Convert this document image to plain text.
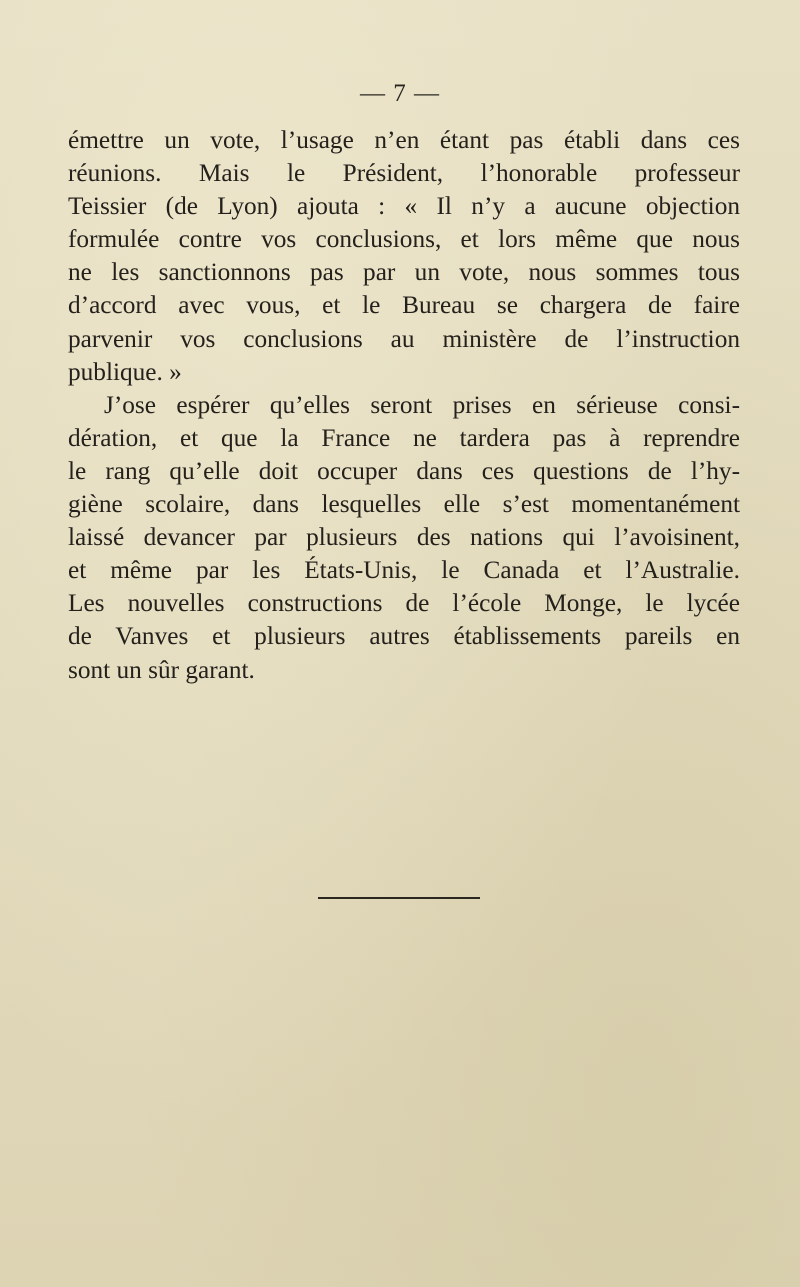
— 7 —
émettre un vote, l’usage n’en étant pas établi dans ces
réunions. Mais le Président, l’honorable professeur
Teissier (de Lyon) ajouta : « Il n’y a aucune objection
formulée contre vos conclusions, et lors même que nous
ne les sanctionnons pas par un vote, nous sommes tous
d’accord avec vous, et le Bureau se chargera de faire
parvenir vos conclusions au ministère de l’instruction
publique. »
J’ose espérer qu’elles seront prises en sérieuse consi-
dération, et que la France ne tardera pas à reprendre
le rang qu’elle doit occuper dans ces questions de l’hy-
giène scolaire, dans lesquelles elle s’est momentanément
laissé devancer par plusieurs des nations qui l’avoisinent,
et même par les États-Unis, le Canada et l’Australie.
Les nouvelles constructions de l’école Monge, le lycée
de Vanves et plusieurs autres établissements pareils en
sont un sûr garant.
